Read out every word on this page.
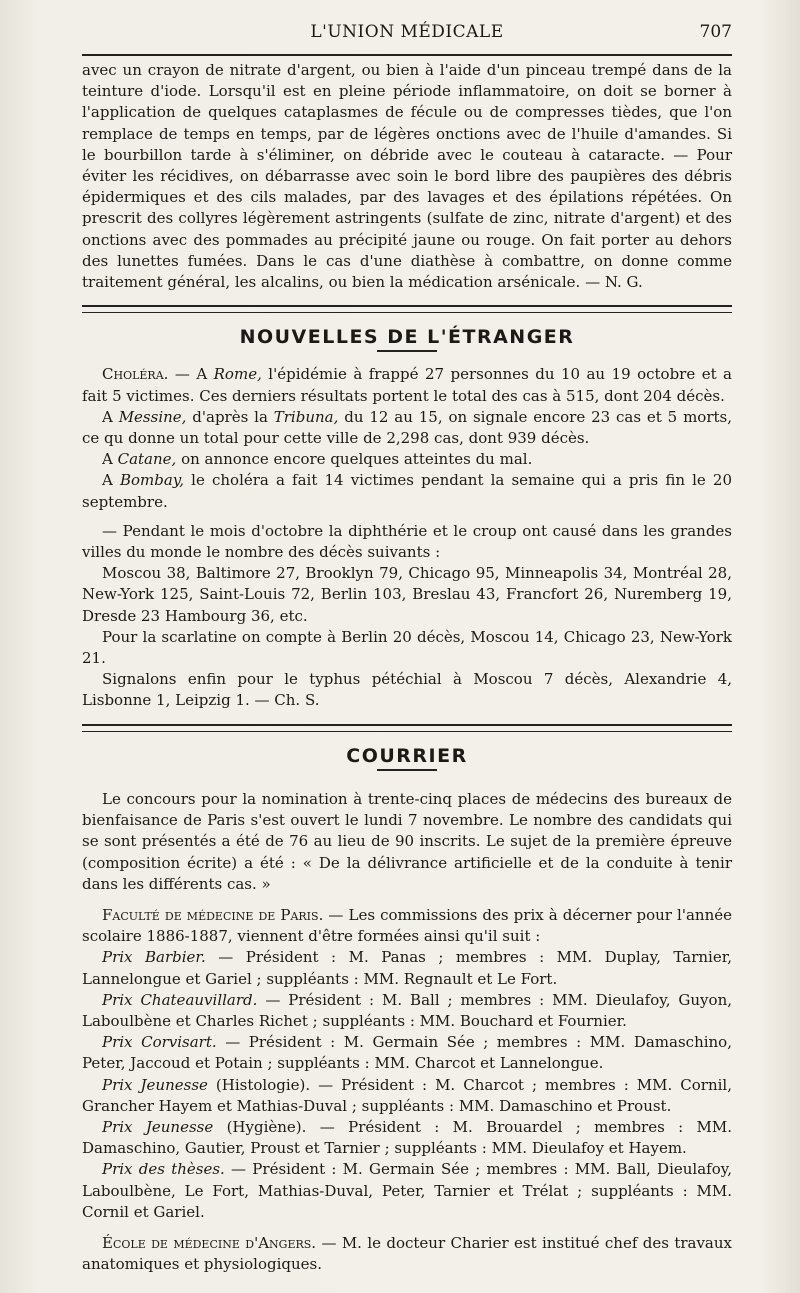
L'UNION MÉDICALE	707

avec un crayon de nitrate d'argent, ou bien à l'aide d'un pinceau trempé dans de la teinture d'iode. Lorsqu'il est en pleine période inflammatoire, on doit se borner à l'application de quelques cataplasmes de fécule ou de compresses tièdes, que l'on remplace de temps en temps, par de légères onctions avec de l'huile d'amandes. Si le bourbillon tarde à s'éliminer, on débride avec le couteau à cataracte. — Pour éviter les récidives, on débarrasse avec soin le bord libre des paupières des débris épidermiques et des cils malades, par des lavages et des épilations répétées. On prescrit des collyres légèrement astringents (sulfate de zinc, nitrate d'argent) et des onctions avec des pommades au précipité jaune ou rouge. On fait porter au dehors des lunettes fumées. Dans le cas d'une diathèse à combattre, on donne comme traitement général, les alcalins, ou bien la médication arsénicale. — N. G.

NOUVELLES DE L'ÉTRANGER

Choléra. — A Rome, l'épidémie à frappé 27 personnes du 10 au 19 octobre et a fait 5 victimes. Ces derniers résultats portent le total des cas à 515, dont 204 décès.

A Messine, d'après la Tribuna, du 12 au 15, on signale encore 23 cas et 5 morts, ce qu donne un total pour cette ville de 2,298 cas, dont 939 décès.

A Catane, on annonce encore quelques atteintes du mal.

A Bombay, le choléra a fait 14 victimes pendant la semaine qui a pris fin le 20 septembre.

— Pendant le mois d'octobre la diphthérie et le croup ont causé dans les grandes villes du monde le nombre des décès suivants :

Moscou 38, Baltimore 27, Brooklyn 79, Chicago 95, Minneapolis 34, Montréal 28, New-York 125, Saint-Louis 72, Berlin 103, Breslau 43, Francfort 26, Nuremberg 19, Dresde 23 Hambourg 36, etc.

Pour la scarlatine on compte à Berlin 20 décès, Moscou 14, Chicago 23, New-York 21.

Signalons enfin pour le typhus pétéchial à Moscou 7 décès, Alexandrie 4, Lisbonne 1, Leipzig 1. — Ch. S.

COURRIER

Le concours pour la nomination à trente-cinq places de médecins des bureaux de bienfaisance de Paris s'est ouvert le lundi 7 novembre. Le nombre des candidats qui se sont présentés a été de 76 au lieu de 90 inscrits. Le sujet de la première épreuve (composition écrite) a été : « De la délivrance artificielle et de la conduite à tenir dans les différents cas. »

Faculté de médecine de Paris. — Les commissions des prix à décerner pour l'année scolaire 1886-1887, viennent d'être formées ainsi qu'il suit :

Prix Barbier. — Président : M. Panas ; membres : MM. Duplay, Tarnier, Lannelongue et Gariel ; suppléants : MM. Regnault et Le Fort.

Prix Chateauvillard. — Président : M. Ball ; membres : MM. Dieulafoy, Guyon, Laboulbène et Charles Richet ; suppléants : MM. Bouchard et Fournier.

Prix Corvisart. — Président : M. Germain Sée ; membres : MM. Damaschino, Peter, Jaccoud et Potain ; suppléants : MM. Charcot et Lannelongue.

Prix Jeunesse (Histologie). — Président : M. Charcot ; membres : MM. Cornil, Grancher Hayem et Mathias-Duval ; suppléants : MM. Damaschino et Proust.

Prix Jeunesse (Hygiène). — Président : M. Brouardel ; membres : MM. Damaschino, Gautier, Proust et Tarnier ; suppléants : MM. Dieulafoy et Hayem.

Prix des thèses. — Président : M. Germain Sée ; membres : MM. Ball, Dieulafoy, Laboulbène, Le Fort, Mathias-Duval, Peter, Tarnier et Trélat ; suppléants : MM. Cornil et Gariel.

École de médecine d'Angers. — M. le docteur Charier est institué chef des travaux anatomiques et physiologiques.
